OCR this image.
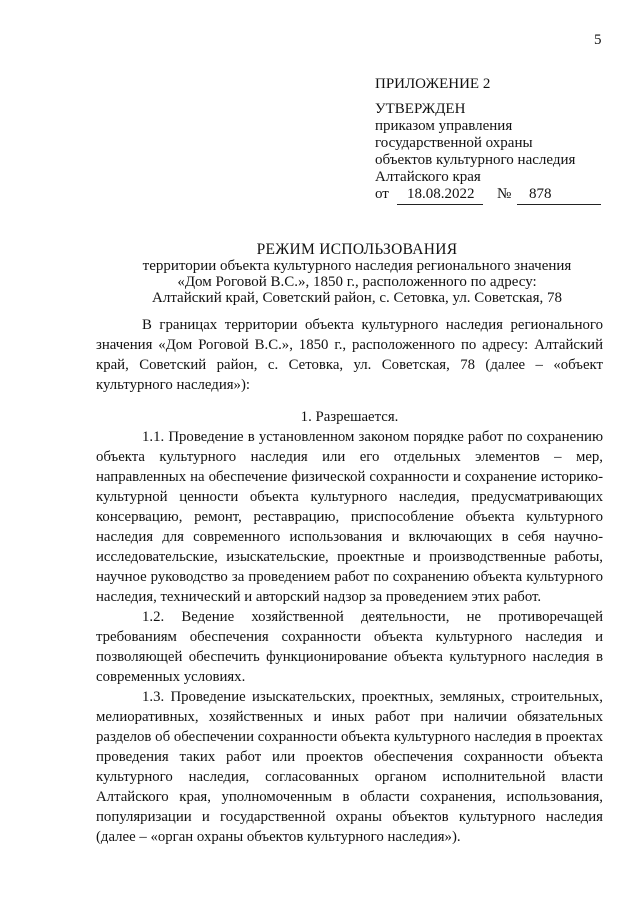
5
ПРИЛОЖЕНИЕ 2
УТВЕРЖДЕН
приказом управления
государственной охраны
объектов культурного наследия
Алтайского края
от 18.08.2022 № 878
РЕЖИМ ИСПОЛЬЗОВАНИЯ
территории объекта культурного наследия регионального значения
«Дом Роговой В.С.», 1850 г., расположенного по адресу:
Алтайский край, Советский район, с. Сетовка, ул. Советская, 78

В границах территории объекта культурного наследия регионального значения «Дом Роговой В.С.», 1850 г., расположенного по адресу: Алтайский край, Советский район, с. Сетовка, ул. Советская, 78 (далее – «объект культурного наследия»):

1. Разрешается.

1.1. Проведение в установленном законом порядке работ по сохранению объекта культурного наследия или его отдельных элементов – мер, направленных на обеспечение физической сохранности и сохранение историко-культурной ценности объекта культурного наследия, предусматривающих консервацию, ремонт, реставрацию, приспособление объекта культурного наследия для современного использования и включающих в себя научно-исследовательские, изыскательские, проектные и производственные работы, научное руководство за проведением работ по сохранению объекта культурного наследия, технический и авторский надзор за проведением этих работ.

1.2. Ведение хозяйственной деятельности, не противоречащей требованиям обеспечения сохранности объекта культурного наследия и позволяющей обеспечить функционирование объекта культурного наследия в современных условиях.

1.3. Проведение изыскательских, проектных, земляных, строительных, мелиоративных, хозяйственных и иных работ при наличии обязательных разделов об обеспечении сохранности объекта культурного наследия в проектах проведения таких работ или проектов обеспечения сохранности объекта культурного наследия, согласованных органом исполнительной власти Алтайского края, уполномоченным в области сохранения, использования, популяризации и государственной охраны объектов культурного наследия (далее – «орган охраны объектов культурного наследия»).
